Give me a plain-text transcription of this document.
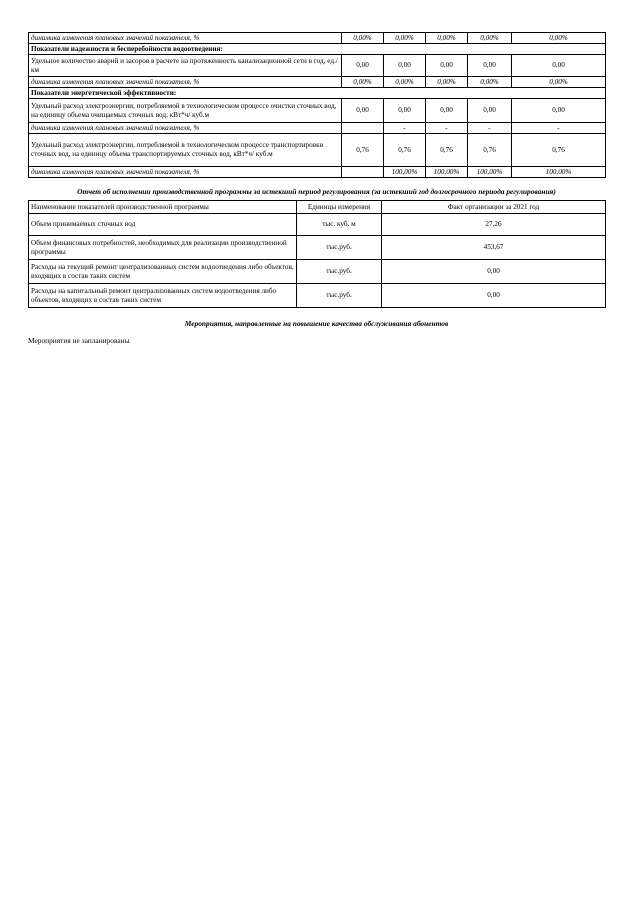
динамика изменения плановых значений показателя, %	0,00%	0,00%	0,00%	0,00%	0,00%
Показатели надежности и бесперебойности водоотведения:					
Удельное количество аварий и засоров в расчете на протяженность канализационной сети в год, ед./км	0,00	0,00	0,00	0,00	0,00
динамика изменения плановых значений показателя, %	0,00%	0,00%	0,00%	0,00%	0,00%
Показатели энергетической эффективности:					
Удельный расход электроэнергии, потребляемой в технологическом процессе очистки сточных вод, на единицу объема очищаемых сточных вод, кВт*ч/ куб.м	0,00	0,00	0,00	0,00	0,00
динамика изменения плановых значений показателя, %		-	-	-	-
Удельный расход электроэнергии, потребляемой в технологическом процессе транспортировки сточных вод, на единицу объема транспортируемых сточных вод, кВт*ч/ куб.м	0,76	0,76	0,76	0,76	0,76
динамика изменения плановых значений показателя, %		100,00%	100,00%	100,00%	100,00%
Отчет об исполнении производственной программы за истекший период регулирования (за истекший год долгосрочного периода регулирования)
Наименование показателей производственной программы	Единицы измерения	Факт организации за 2021 год
Объем принимаемых сточных вод	тыс. куб. м	27,26
Объем финансовых потребностей, необходимых для реализации производственной программы	тыс.руб.	453,67
Расходы на текущий ремонт централизованных систем водоотведения либо объектов, входящих в состав таких систем	тыс.руб.	0,00
Расходы на капитальный ремонт централизованных систем водоотведения либо объектов, входящих в состав таких систем	тыс.руб.	0,00
Мероприятия, направленные на повышение качества обслуживания абонентов
Мероприятия не запланированы
